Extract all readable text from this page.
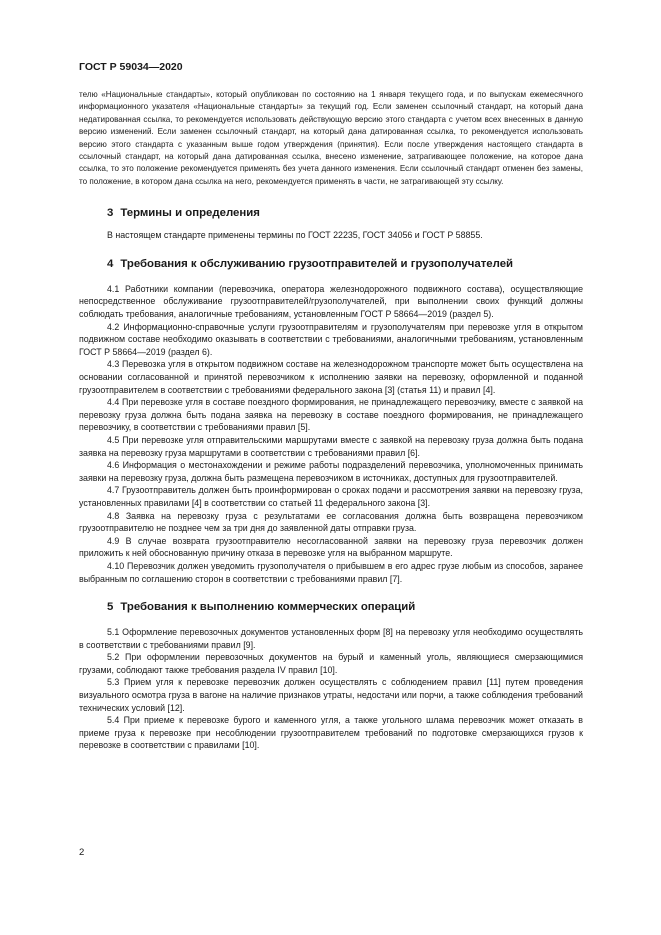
ГОСТ Р 59034—2020

телю «Национальные стандарты», который опубликован по состоянию на 1 января текущего года, и по выпускам ежемесячного информационного указателя «Национальные стандарты» за текущий год. Если заменен ссылочный стандарт, на который дана недатированная ссылка, то рекомендуется использовать действующую версию этого стандарта с учетом всех внесенных в данную версию изменений. Если заменен ссылочный стандарт, на который дана датированная ссылка, то рекомендуется использовать версию этого стандарта с указанным выше годом утверждения (принятия). Если после утверждения настоящего стандарта в ссылочный стандарт, на который дана датированная ссылка, внесено изменение, затрагивающее положение, на которое дана ссылка, то это положение рекомендуется применять без учета данного изменения. Если ссылочный стандарт отменен без замены, то положение, в котором дана ссылка на него, рекомендуется применять в части, не затрагивающей эту ссылку.

3 Термины и определения

В настоящем стандарте применены термины по ГОСТ 22235, ГОСТ 34056 и ГОСТ Р 58855.

4 Требования к обслуживанию грузоотправителей и грузополучателей

4.1 Работники компании (перевозчика, оператора железнодорожного подвижного состава), осуществляющие непосредственное обслуживание грузоотправителей/грузополучателей, при выполнении своих функций должны соблюдать требования, аналогичные требованиям, установленным ГОСТ Р 58664—2019 (раздел 5).

4.2 Информационно-справочные услуги грузоотправителям и грузополучателям при перевозке угля в открытом подвижном составе необходимо оказывать в соответствии с требованиями, аналогичными требованиям, установленным ГОСТ Р 58664—2019 (раздел 6).

4.3 Перевозка угля в открытом подвижном составе на железнодорожном транспорте может быть осуществлена на основании согласованной и принятой перевозчиком к исполнению заявки на перевозку, оформленной и поданной грузоотправителем в соответствии с требованиями федерального закона [3] (статья 11) и правил [4].

4.4 При перевозке угля в составе поездного формирования, не принадлежащего перевозчику, вместе с заявкой на перевозку груза должна быть подана заявка на перевозку в составе поездного формирования, не принадлежащего перевозчику, в соответствии с требованиями правил [5].

4.5 При перевозке угля отправительскими маршрутами вместе с заявкой на перевозку груза должна быть подана заявка на перевозку груза маршрутами в соответствии с требованиями правил [6].

4.6 Информация о местонахождении и режиме работы подразделений перевозчика, уполномоченных принимать заявки на перевозку груза, должна быть размещена перевозчиком в источниках, доступных для грузоотправителей.

4.7 Грузоотправитель должен быть проинформирован о сроках подачи и рассмотрения заявки на перевозку груза, установленных правилами [4] в соответствии со статьей 11 федерального закона [3].

4.8 Заявка на перевозку груза с результатами ее согласования должна быть возвращена перевозчиком грузоотправителю не позднее чем за три дня до заявленной даты отправки груза.

4.9 В случае возврата грузоотправителю несогласованной заявки на перевозку груза перевозчик должен приложить к ней обоснованную причину отказа в перевозке угля на выбранном маршруте.

4.10 Перевозчик должен уведомить грузополучателя о прибывшем в его адрес грузе любым из способов, заранее выбранным по соглашению сторон в соответствии с требованиями правил [7].

5 Требования к выполнению коммерческих операций

5.1 Оформление перевозочных документов установленных форм [8] на перевозку угля необходимо осуществлять в соответствии с требованиями правил [9].

5.2 При оформлении перевозочных документов на бурый и каменный уголь, являющиеся смерзающимися грузами, соблюдают также требования раздела IV правил [10].

5.3 Прием угля к перевозке перевозчик должен осуществлять с соблюдением правил [11] путем проведения визуального осмотра груза в вагоне на наличие признаков утраты, недостачи или порчи, а также соблюдения требований технических условий [12].

5.4 При приеме к перевозке бурого и каменного угля, а также угольного шлама перевозчик может отказать в приеме груза к перевозке при несоблюдении грузоотправителем требований по подготовке смерзающихся грузов к перевозке в соответствии с правилами [10].

2
